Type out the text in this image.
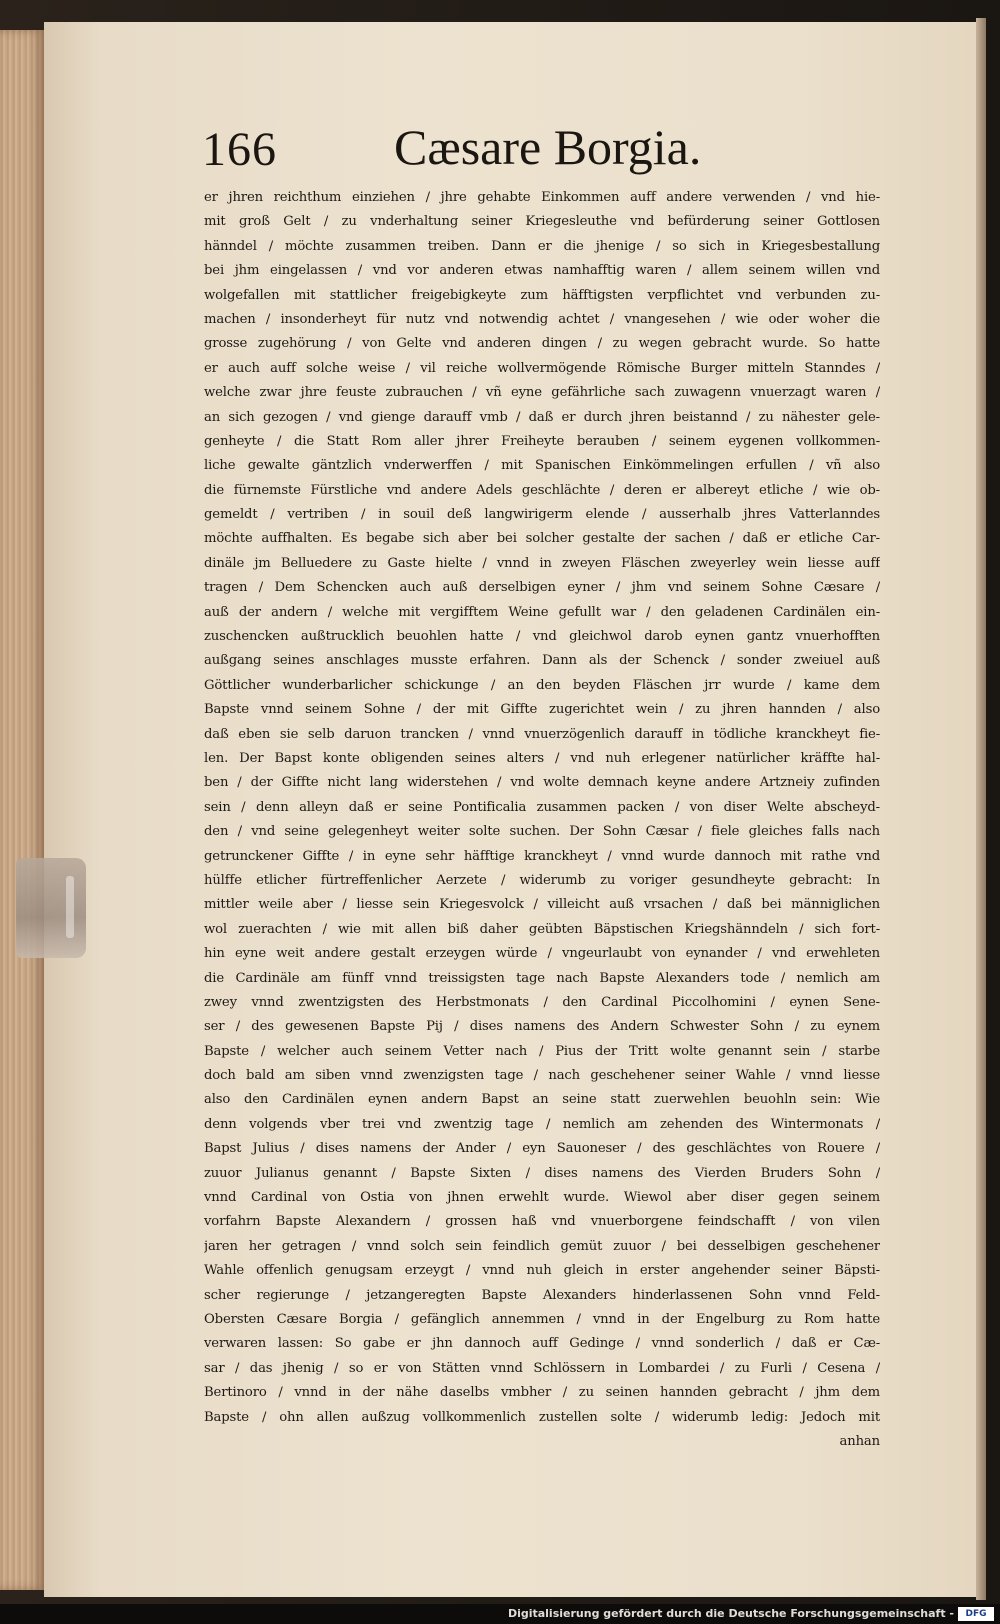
166 Cæsare Borgia.
er jhren reichthum einziehen / jhre gehabte Einkommen auff andere verwenden / vnd hie-
mit groß Gelt / zu vnderhaltung seiner Kriegesleuthe vnd befürderung seiner Gottlosen
hänndel / möchte zusammen treiben. Dann er die jhenige / so sich in Kriegesbestallung
bei jhm eingelassen / vnd vor anderen etwas namhafftig waren / allem seinem willen vnd
wolgefallen mit stattlicher freigebigkeyte zum häfftigsten verpflichtet vnd verbunden zu-
machen / insonderheyt für nutz vnd notwendig achtet / vnangesehen / wie oder woher die
grosse zugehörung / von Gelte vnd anderen dingen / zu wegen gebracht wurde. So hatte
er auch auff solche weise / vil reiche wollvermögende Römische Burger mitteln Stanndes /
welche zwar jhre feuste zubrauchen / vñ eyne gefährliche sach zuwagenn vnuerzagt waren /
an sich gezogen / vnd gienge darauff vmb / daß er durch jhren beistannd / zu nähester gele-
genheyte / die Statt Rom aller jhrer Freiheyte berauben / seinem eygenen vollkommen-
liche gewalte gäntzlich vnderwerffen / mit Spanischen Einkömmelingen erfullen / vñ also
die fürnemste Fürstliche vnd andere Adels geschlächte / deren er albereyt etliche / wie ob-
gemeldt / vertriben / in souil deß langwirigerm elende / ausserhalb jhres Vatterlanndes
möchte auffhalten. Es begabe sich aber bei solcher gestalte der sachen / daß er etliche Car-
dinäle jm Belluedere zu Gaste hielte / vnnd in zweyen Fläschen zweyerley wein liesse auff
tragen / Dem Schencken auch auß derselbigen eyner / jhm vnd seinem Sohne Cæsare /
auß der andern / welche mit vergifftem Weine gefullt war / den geladenen Cardinälen ein-
zuschencken außtrucklich beuohlen hatte / vnd gleichwol darob eynen gantz vnuerhofften
außgang seines anschlages musste erfahren. Dann als der Schenck / sonder zweiuel auß
Göttlicher wunderbarlicher schickunge / an den beyden Fläschen jrr wurde / kame dem
Bapste vnnd seinem Sohne / der mit Giffte zugerichtet wein / zu jhren hannden / also
daß eben sie selb daruon trancken / vnnd vnuerzögenlich darauff in tödliche kranckheyt fie-
len. Der Bapst konte obligenden seines alters / vnd nuh erlegener natürlicher kräffte hal-
ben / der Giffte nicht lang widerstehen / vnd wolte demnach keyne andere Artzneiy zufinden
sein / denn alleyn daß er seine Pontificalia zusammen packen / von diser Welte abscheyd-
den / vnd seine gelegenheyt weiter solte suchen. Der Sohn Cæsar / fiele gleiches falls nach
getrunckener Giffte / in eyne sehr häfftige kranckheyt / vnnd wurde dannoch mit rathe vnd
hülffe etlicher fürtreffenlicher Aerzete / widerumb zu voriger gesundheyte gebracht: In
mittler weile aber / liesse sein Kriegesvolck / villeicht auß vrsachen / daß bei männiglichen
wol zuerachten / wie mit allen biß daher geübten Bäpstischen Kriegshänndeln / sich fort-
hin eyne weit andere gestalt erzeygen würde / vngeurlaubt von eynander / vnd erwehleten
die Cardinäle am fünff vnnd treissigsten tage nach Bapste Alexanders tode / nemlich am
zwey vnnd zwentzigsten des Herbstmonats / den Cardinal Piccolhomini / eynen Sene-
ser / des gewesenen Bapste Pij / dises namens des Andern Schwester Sohn / zu eynem
Bapste / welcher auch seinem Vetter nach / Pius der Tritt wolte genannt sein / starbe
doch bald am siben vnnd zwenzigsten tage / nach geschehener seiner Wahle / vnnd liesse
also den Cardinälen eynen andern Bapst an seine statt zuerwehlen beuohln sein: Wie
denn volgends vber trei vnd zwentzig tage / nemlich am zehenden des Wintermonats /
Bapst Julius / dises namens der Ander / eyn Sauoneser / des geschlächtes von Rouere /
zuuor Julianus genannt / Bapste Sixten / dises namens des Vierden Bruders Sohn /
vnnd Cardinal von Ostia von jhnen erwehlt wurde. Wiewol aber diser gegen seinem
vorfahrn Bapste Alexandern / grossen haß vnd vnuerborgene feindschafft / von vilen
jaren her getragen / vnnd solch sein feindlich gemüt zuuor / bei desselbigen geschehener
Wahle offenlich genugsam erzeygt / vnnd nuh gleich in erster angehender seiner Bäpsti-
scher regierunge / jetzangeregten Bapste Alexanders hinderlassenen Sohn vnnd Feld-
Obersten Cæsare Borgia / gefänglich annemmen / vnnd in der Engelburg zu Rom hatte
verwaren lassen: So gabe er jhn dannoch auff Gedinge / vnnd sonderlich / daß er Cæ-
sar / das jhenig / so er von Stätten vnnd Schlössern in Lombardei / zu Furli / Cesena /
Bertinoro / vnnd in der nähe daselbs vmbher / zu seinen hannden gebracht / jhm dem
Bapste / ohn allen außzug vollkommenlich zustellen solte / widerumb ledig: Jedoch mit
anhan
Digitalisierung gefördert durch die Deutsche Forschungsgemeinschaft -	DFG
